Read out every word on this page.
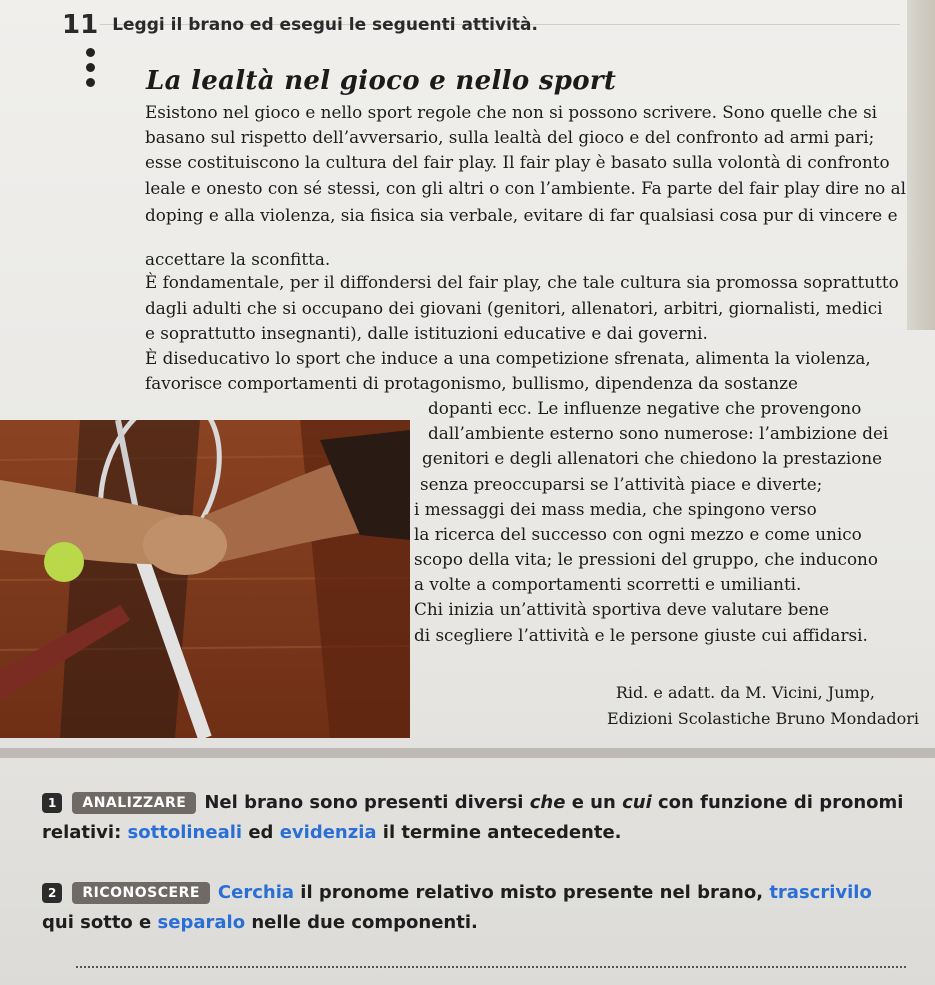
11 Leggi il brano ed esegui le seguenti attività.
La lealtà nel gioco e nello sport
Esistono nel gioco e nello sport regole che non si possono scrivere. Sono quelle che si
basano sul rispetto dell’avversario, sulla lealtà del gioco e del confronto ad armi pari;
esse costituiscono la cultura del fair play. Il fair play è basato sulla volontà di confronto
leale e onesto con sé stessi, con gli altri o con l’ambiente. Fa parte del fair play dire no al
doping e alla violenza, sia fisica sia verbale, evitare di far qualsiasi cosa pur di vincere e
accettare la sconfitta.
È fondamentale, per il diffondersi del fair play, che tale cultura sia promossa soprattutto
dagli adulti che si occupano dei giovani (genitori, allenatori, arbitri, giornalisti, medici
e soprattutto insegnanti), dalle istituzioni educative e dai governi.
È diseducativo lo sport che induce a una competizione sfrenata, alimenta la violenza,
favorisce comportamenti di protagonismo, bullismo, dipendenza da sostanze
dopanti ecc. Le influenze negative che provengono
dall’ambiente esterno sono numerose: l’ambizione dei
genitori e degli allenatori che chiedono la prestazione
senza preoccuparsi se l’attività piace e diverte;
i messaggi dei mass media, che spingono verso
la ricerca del successo con ogni mezzo e come unico
scopo della vita; le pressioni del gruppo, che inducono
a volte a comportamenti scorretti e umilianti.
Chi inizia un’attività sportiva deve valutare bene
di scegliere l’attività e le persone giuste cui affidarsi.
Rid. e adatt. da M. Vicini, Jump,
Edizioni Scolastiche Bruno Mondadori
1 ANALIZZARE Nel brano sono presenti diversi che e un cui con funzione di pronomi
relativi: sottolineali ed evidenzia il termine antecedente.
2 RICONOSCERE Cerchia il pronome relativo misto presente nel brano, trascrivilo
qui sotto e separalo nelle due componenti.
